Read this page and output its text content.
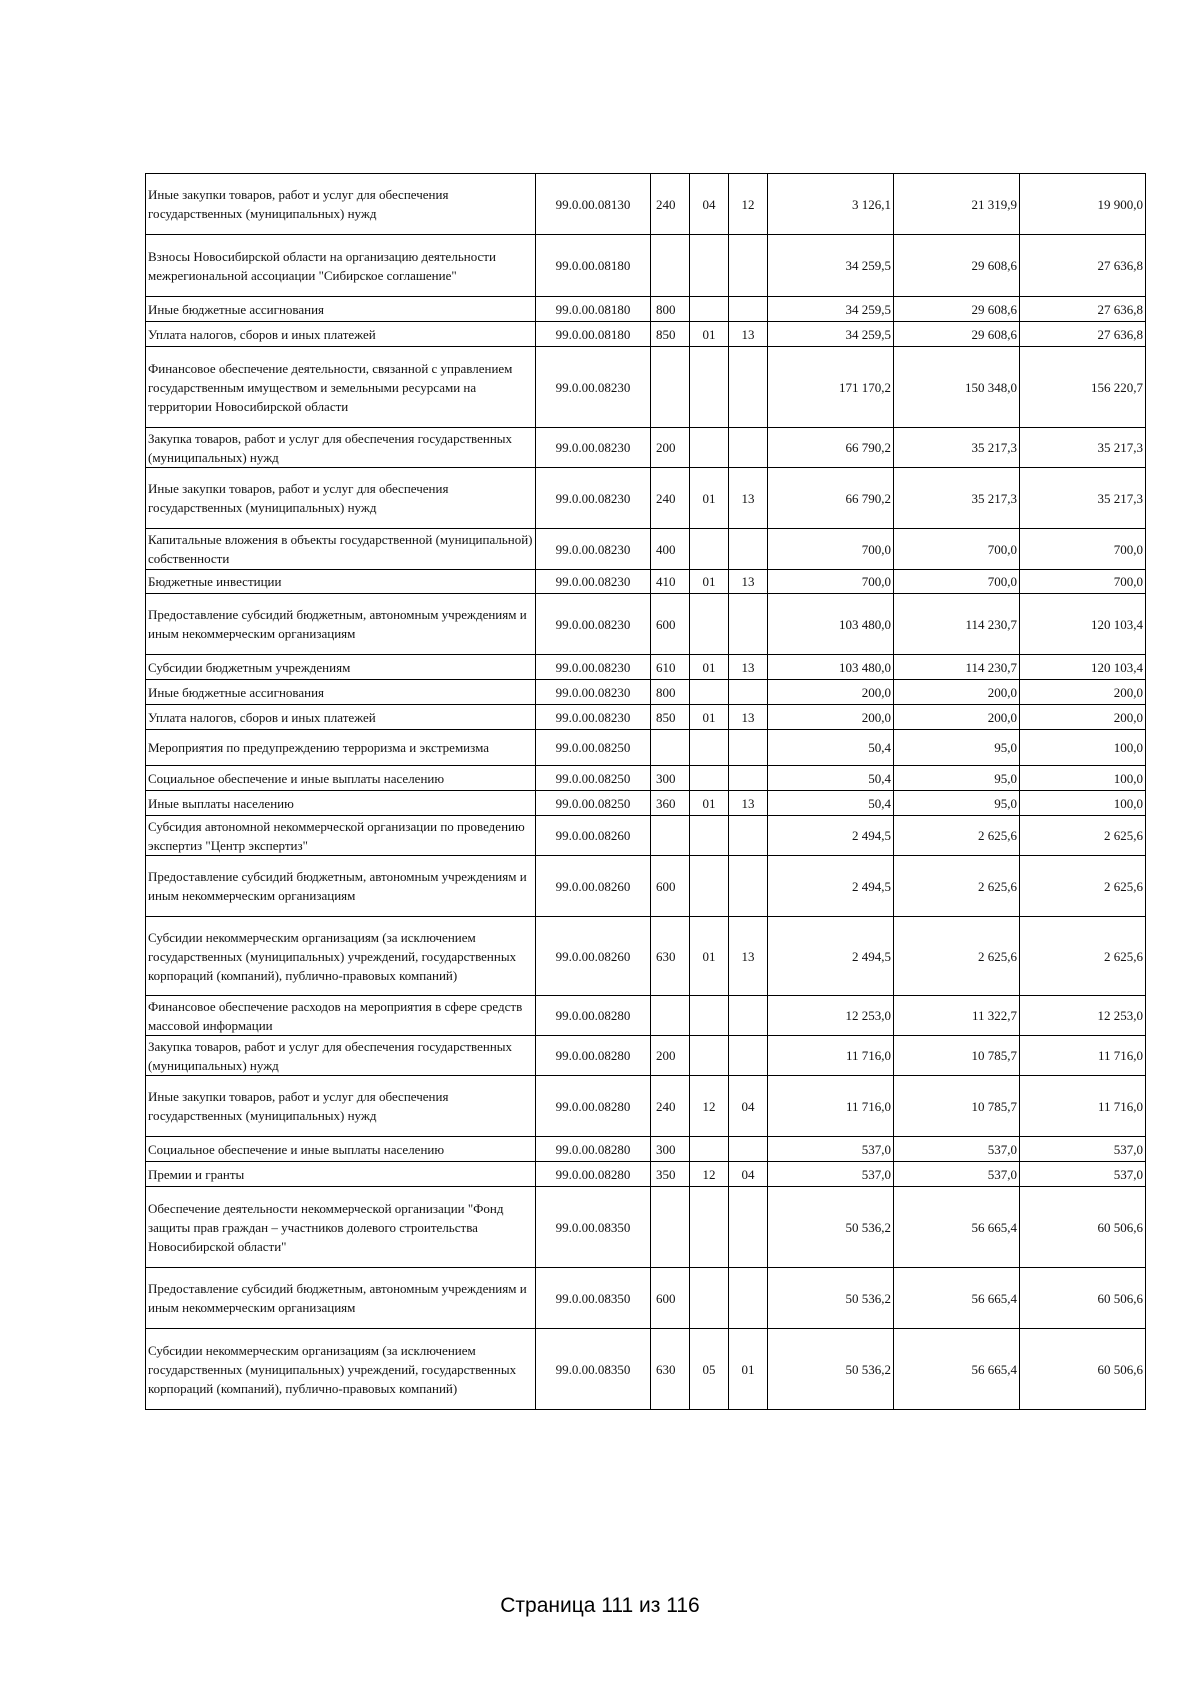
Иные закупки товаров, работ и услуг для обеспечения государственных (муниципальных) нужд	99.0.00.08130	240	04	12	3 126,1	21 319,9	19 900,0
Взносы Новосибирской области на организацию деятельности межрегиональной ассоциации "Сибирское соглашение"	99.0.00.08180				34 259,5	29 608,6	27 636,8
Иные бюджетные ассигнования	99.0.00.08180	800			34 259,5	29 608,6	27 636,8
Уплата налогов, сборов и иных платежей	99.0.00.08180	850	01	13	34 259,5	29 608,6	27 636,8
Финансовое обеспечение деятельности, связанной с управлением государственным имуществом и земельными ресурсами на территории Новосибирской области	99.0.00.08230				171 170,2	150 348,0	156 220,7
Закупка товаров, работ и услуг для обеспечения государственных (муниципальных) нужд	99.0.00.08230	200			66 790,2	35 217,3	35 217,3
Иные закупки товаров, работ и услуг для обеспечения государственных (муниципальных) нужд	99.0.00.08230	240	01	13	66 790,2	35 217,3	35 217,3
Капитальные вложения в объекты государственной (муниципальной) собственности	99.0.00.08230	400			700,0	700,0	700,0
Бюджетные инвестиции	99.0.00.08230	410	01	13	700,0	700,0	700,0
Предоставление субсидий бюджетным, автономным учреждениям и иным некоммерческим организациям	99.0.00.08230	600			103 480,0	114 230,7	120 103,4
Субсидии бюджетным учреждениям	99.0.00.08230	610	01	13	103 480,0	114 230,7	120 103,4
Иные бюджетные ассигнования	99.0.00.08230	800			200,0	200,0	200,0
Уплата налогов, сборов и иных платежей	99.0.00.08230	850	01	13	200,0	200,0	200,0
Мероприятия по предупреждению терроризма и экстремизма	99.0.00.08250				50,4	95,0	100,0
Социальное обеспечение и иные выплаты населению	99.0.00.08250	300			50,4	95,0	100,0
Иные выплаты населению	99.0.00.08250	360	01	13	50,4	95,0	100,0
Субсидия автономной некоммерческой организации по проведению экспертиз "Центр экспертиз"	99.0.00.08260				2 494,5	2 625,6	2 625,6
Предоставление субсидий бюджетным, автономным учреждениям и иным некоммерческим организациям	99.0.00.08260	600			2 494,5	2 625,6	2 625,6
Субсидии некоммерческим организациям (за исключением государственных (муниципальных) учреждений, государственных корпораций (компаний), публично-правовых компаний)	99.0.00.08260	630	01	13	2 494,5	2 625,6	2 625,6
Финансовое обеспечение расходов на мероприятия в сфере средств массовой информации	99.0.00.08280				12 253,0	11 322,7	12 253,0
Закупка товаров, работ и услуг для обеспечения государственных (муниципальных) нужд	99.0.00.08280	200			11 716,0	10 785,7	11 716,0
Иные закупки товаров, работ и услуг для обеспечения государственных (муниципальных) нужд	99.0.00.08280	240	12	04	11 716,0	10 785,7	11 716,0
Социальное обеспечение и иные выплаты населению	99.0.00.08280	300			537,0	537,0	537,0
Премии и гранты	99.0.00.08280	350	12	04	537,0	537,0	537,0
Обеспечение деятельности некоммерческой организации "Фонд защиты прав граждан – участников долевого строительства Новосибирской области"	99.0.00.08350				50 536,2	56 665,4	60 506,6
Предоставление субсидий бюджетным, автономным учреждениям и иным некоммерческим организациям	99.0.00.08350	600			50 536,2	56 665,4	60 506,6
Субсидии некоммерческим организациям (за исключением государственных (муниципальных) учреждений, государственных корпораций (компаний), публично-правовых компаний)	99.0.00.08350	630	05	01	50 536,2	56 665,4	60 506,6
Страница 111 из 116
